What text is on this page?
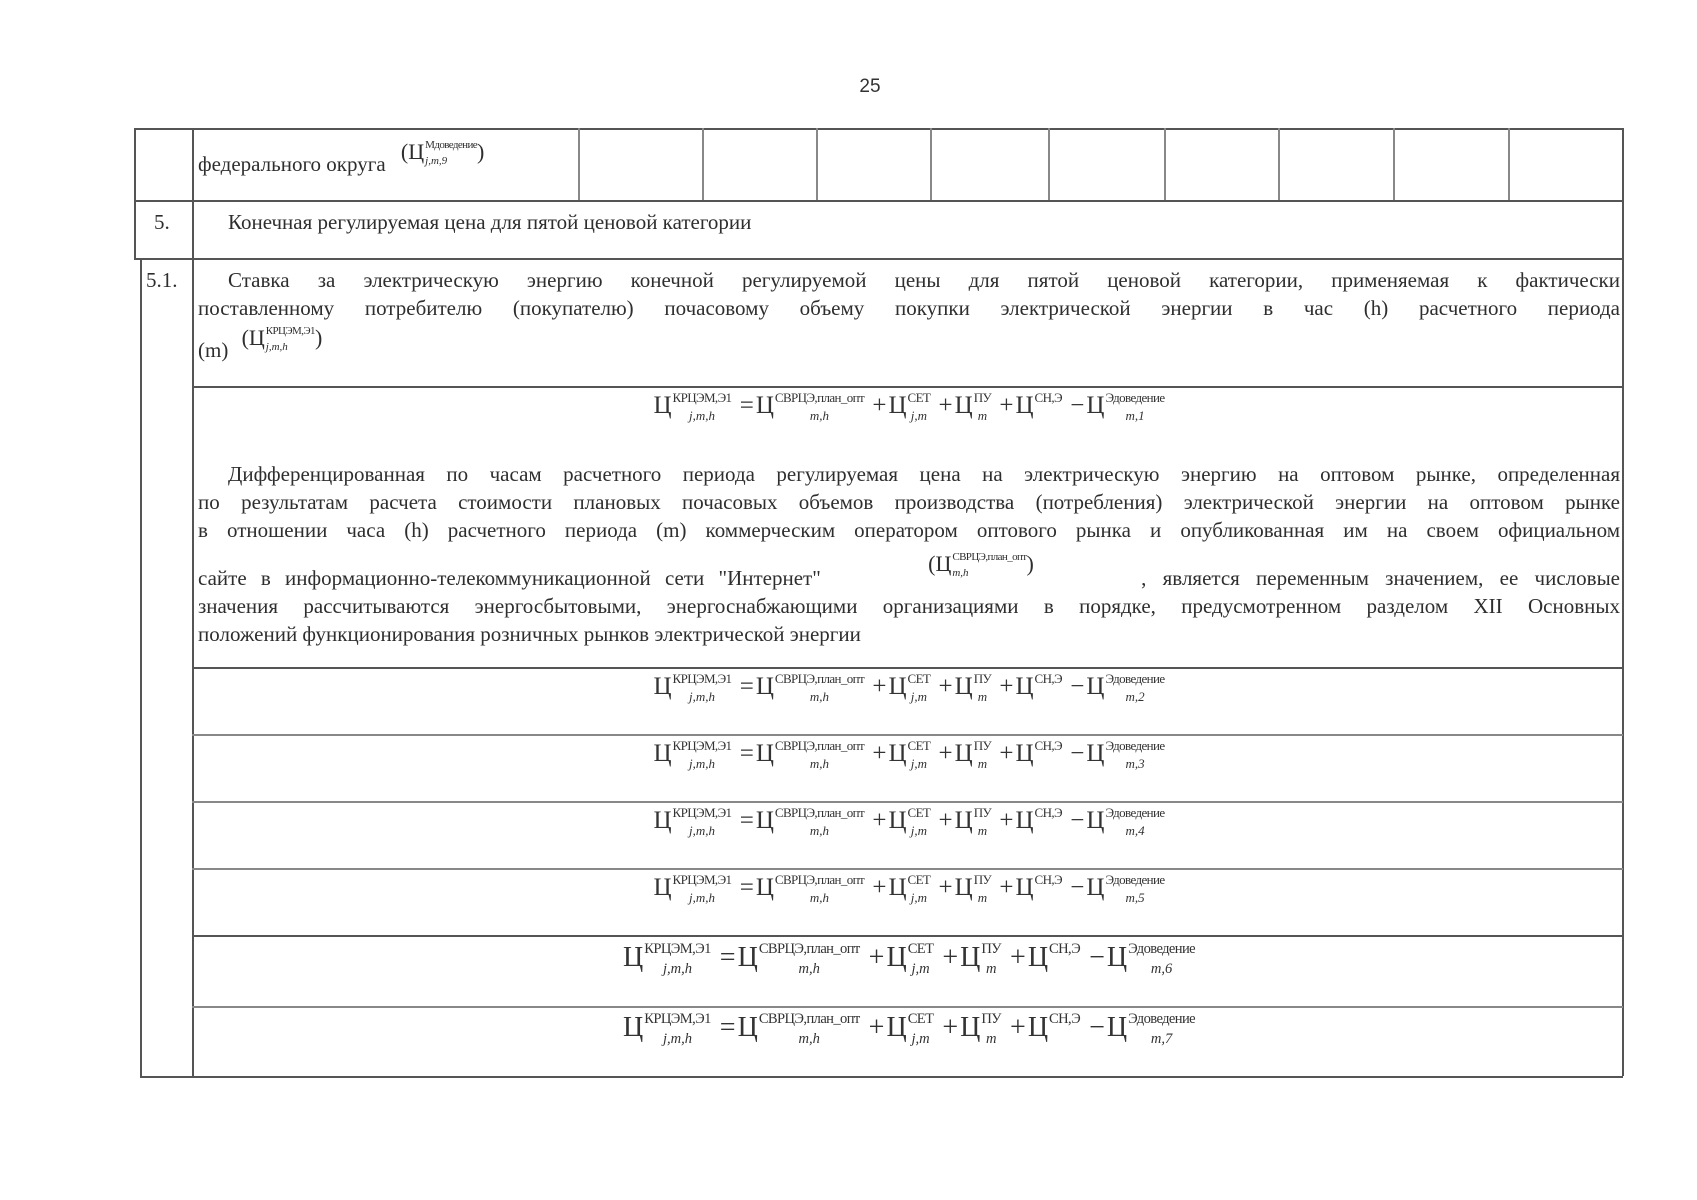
25
федерального округа (Ц Мдоведение
j,m,9	)
5.	Конечная регулируемая цена для пятой ценовой категории
5.1. Ставка за электрическую энергию конечной регулируемой цены для пятой ценовой категории, применяемая к фактически
поставленному потребителю (покупателю) почасовому объему покупки электрической энергии в час (h) расчетного периода
(m) (Ц КРЦЭМ,Э1
j,m,h	)
Ц КРЦЭМ,Э1
j,m,h =Ц СВРЦЭ,план_опт
m,h	+Ц СЕТ
j,m +Ц ПУ
m +Ц СН,Э
−Ц Эдоведение
m,1
Дифференцированная по часам расчетного периода регулируемая цена на электрическую энергию на оптовом рынке, определенная
по результатам расчета стоимости плановых почасовых объемов производства (потребления) электрической энергии на оптовом рынке
в отношении часа (h) расчетного периода (m) коммерческим оператором оптового рынка и опубликованная им на своем официальном
сайте в информационно-телекоммуникационной сети "Интернет"
(Ц СВРЦЭ,план_опт
m,h	)
, является переменным значением, ее числовые
значения рассчитываются энергосбытовыми, энергоснабжающими организациями в порядке, предусмотренном разделом XII Основных
положений функционирования розничных рынков электрической энергии
Ц КРЦЭМ,Э1
j,m,h =Ц СВРЦЭ,план_опт
m,h	+Ц СЕТ
j,m +Ц ПУ
m +Ц СН,Э
−Ц Эдоведение
m,2
Ц КРЦЭМ,Э1
j,m,h =Ц СВРЦЭ,план_опт
m,h	+Ц СЕТ
j,m +Ц ПУ
m +Ц СН,Э
−Ц Эдоведение
m,3
Ц КРЦЭМ,Э1
j,m,h =Ц СВРЦЭ,план_опт
m,h	+Ц СЕТ
j,m +Ц ПУ
m +Ц СН,Э
−Ц Эдоведение
m,4
Ц КРЦЭМ,Э1
j,m,h =Ц СВРЦЭ,план_опт
m,h	+Ц СЕТ
j,m +Ц ПУ
m +Ц СН,Э
−Ц Эдоведение
m,5
Ц КРЦЭМ,Э1
j,m,h =Ц СВРЦЭ,план_опт
m,h	+Ц СЕТ
j,m +Ц ПУ
m +Ц СН,Э
−Ц Эдоведение
m,6
Ц КРЦЭМ,Э1
j,m,h =Ц СВРЦЭ,план_опт
m,h	+Ц СЕТ
j,m +Ц ПУ
m +Ц СН,Э
−Ц Эдоведение
m,7
